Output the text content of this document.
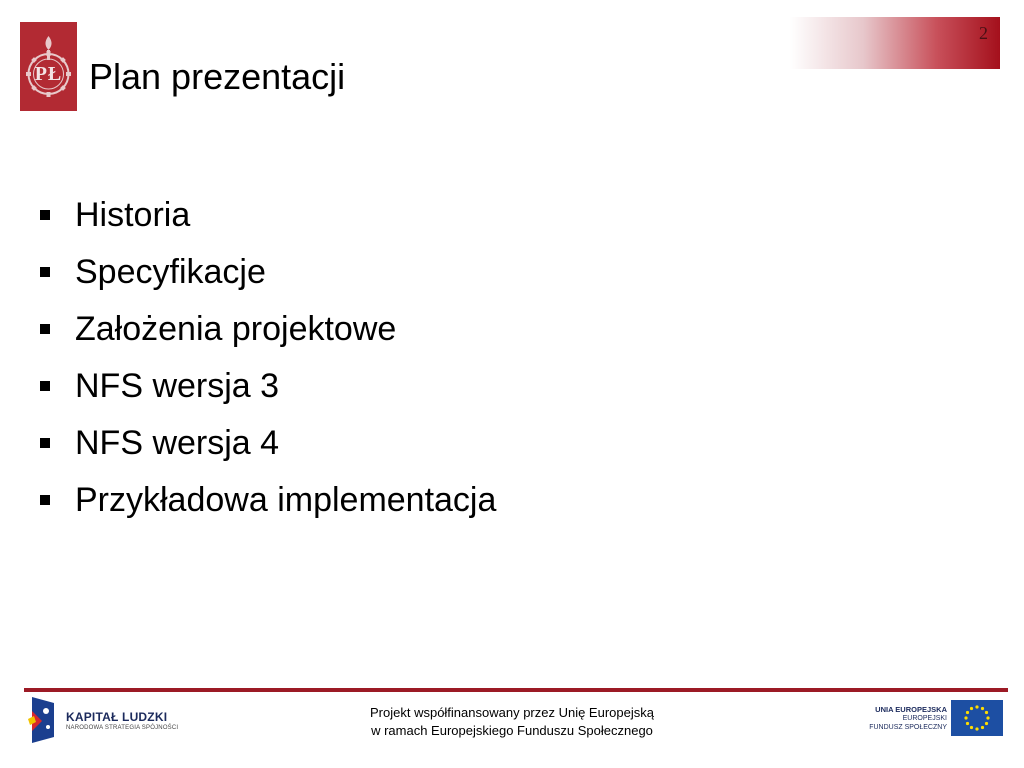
2
PŁ Plan prezentacji
Historia
Specyfikacje
Założenia projektowe
NFS wersja 3
NFS wersja 4
Przykładowa implementacja
KAPITAŁ LUDZKI
NARODOWA STRATEGIA SPÓJNOŚCI
Projekt współfinansowany przez Unię Europejską
w ramach Europejskiego Funduszu Społecznego
UNIA EUROPEJSKA
EUROPEJSKI
FUNDUSZ SPOŁECZNY
